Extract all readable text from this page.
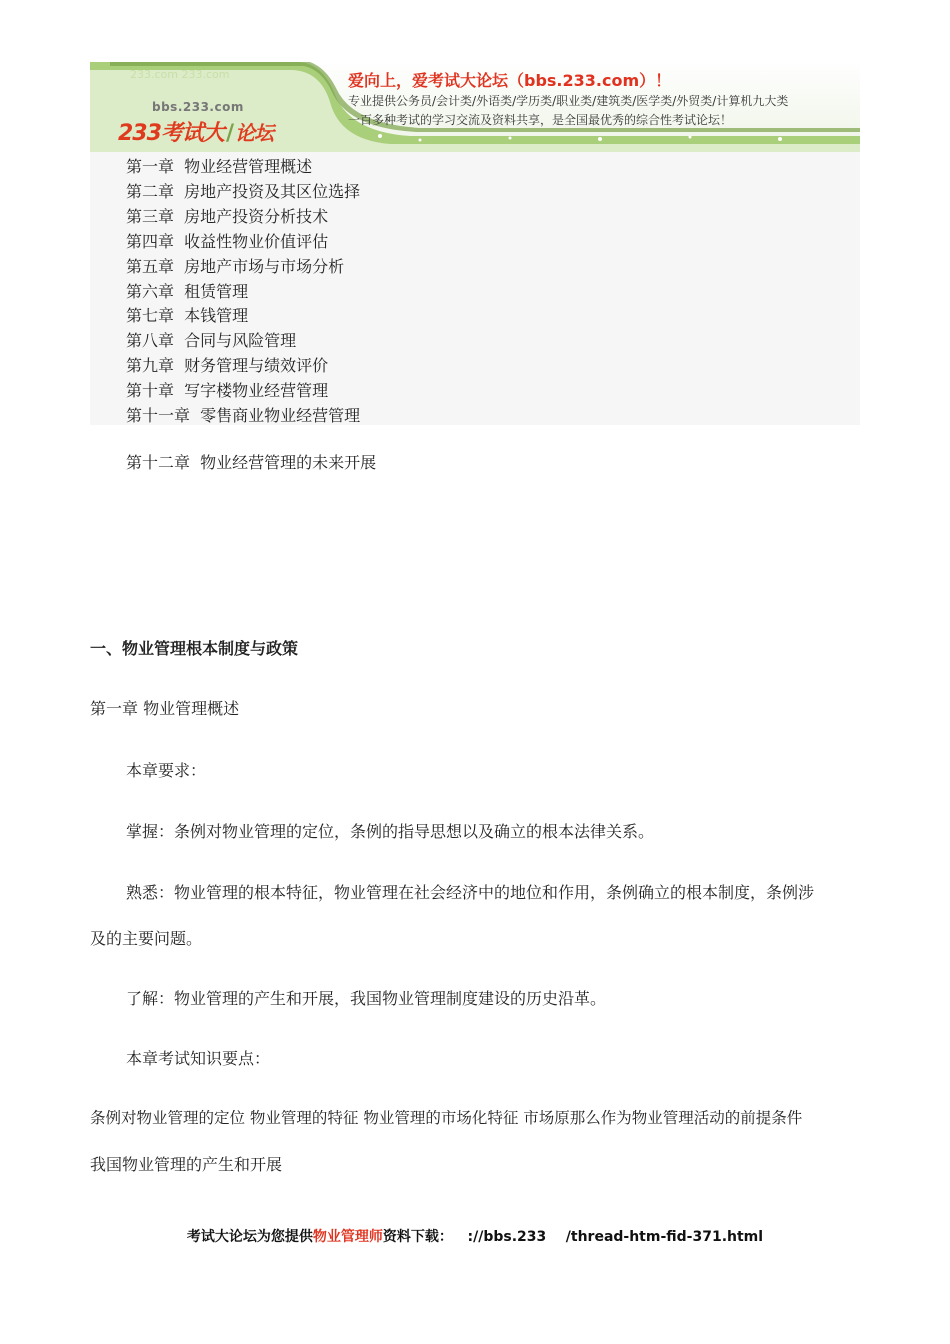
233.com 233.com
bbs.233.com
233考试大/ 论坛
爱向上，爱考试大论坛（bbs.233.com）！
专业提供公务员/会计类/外语类/学历类/职业类/建筑类/医学类/外贸类/计算机九大类
一百多种考试的学习交流及资料共享，是全国最优秀的综合性考试论坛！
第一章  物业经营管理概述
第二章  房地产投资及其区位选择
第三章  房地产投资分析技术
第四章  收益性物业价值评估
第五章  房地产市场与市场分析
第六章  租赁管理
第七章  本钱管理
第八章  合同与风险管理
第九章  财务管理与绩效评价
第十章  写字楼物业经营管理
第十一章  零售商业物业经营管理
第十二章  物业经营管理的未来开展
一、物业管理根本制度与政策
第一章 物业管理概述
本章要求：
掌握：条例对物业管理的定位，条例的指导思想以及确立的根本法律关系。
熟悉：物业管理的根本特征，物业管理在社会经济中的地位和作用，条例确立的根本制度，条例涉
及的主要问题。
了解：物业管理的产生和开展，我国物业管理制度建设的历史沿革。
本章考试知识要点：
条例对物业管理的定位 物业管理的特征 物业管理的市场化特征 市场原那么作为物业管理活动的前提条件
我国物业管理的产生和开展
考试大论坛为您提供物业管理师资料下载：   ://bbs.233    /thread-htm-fid-371.html
